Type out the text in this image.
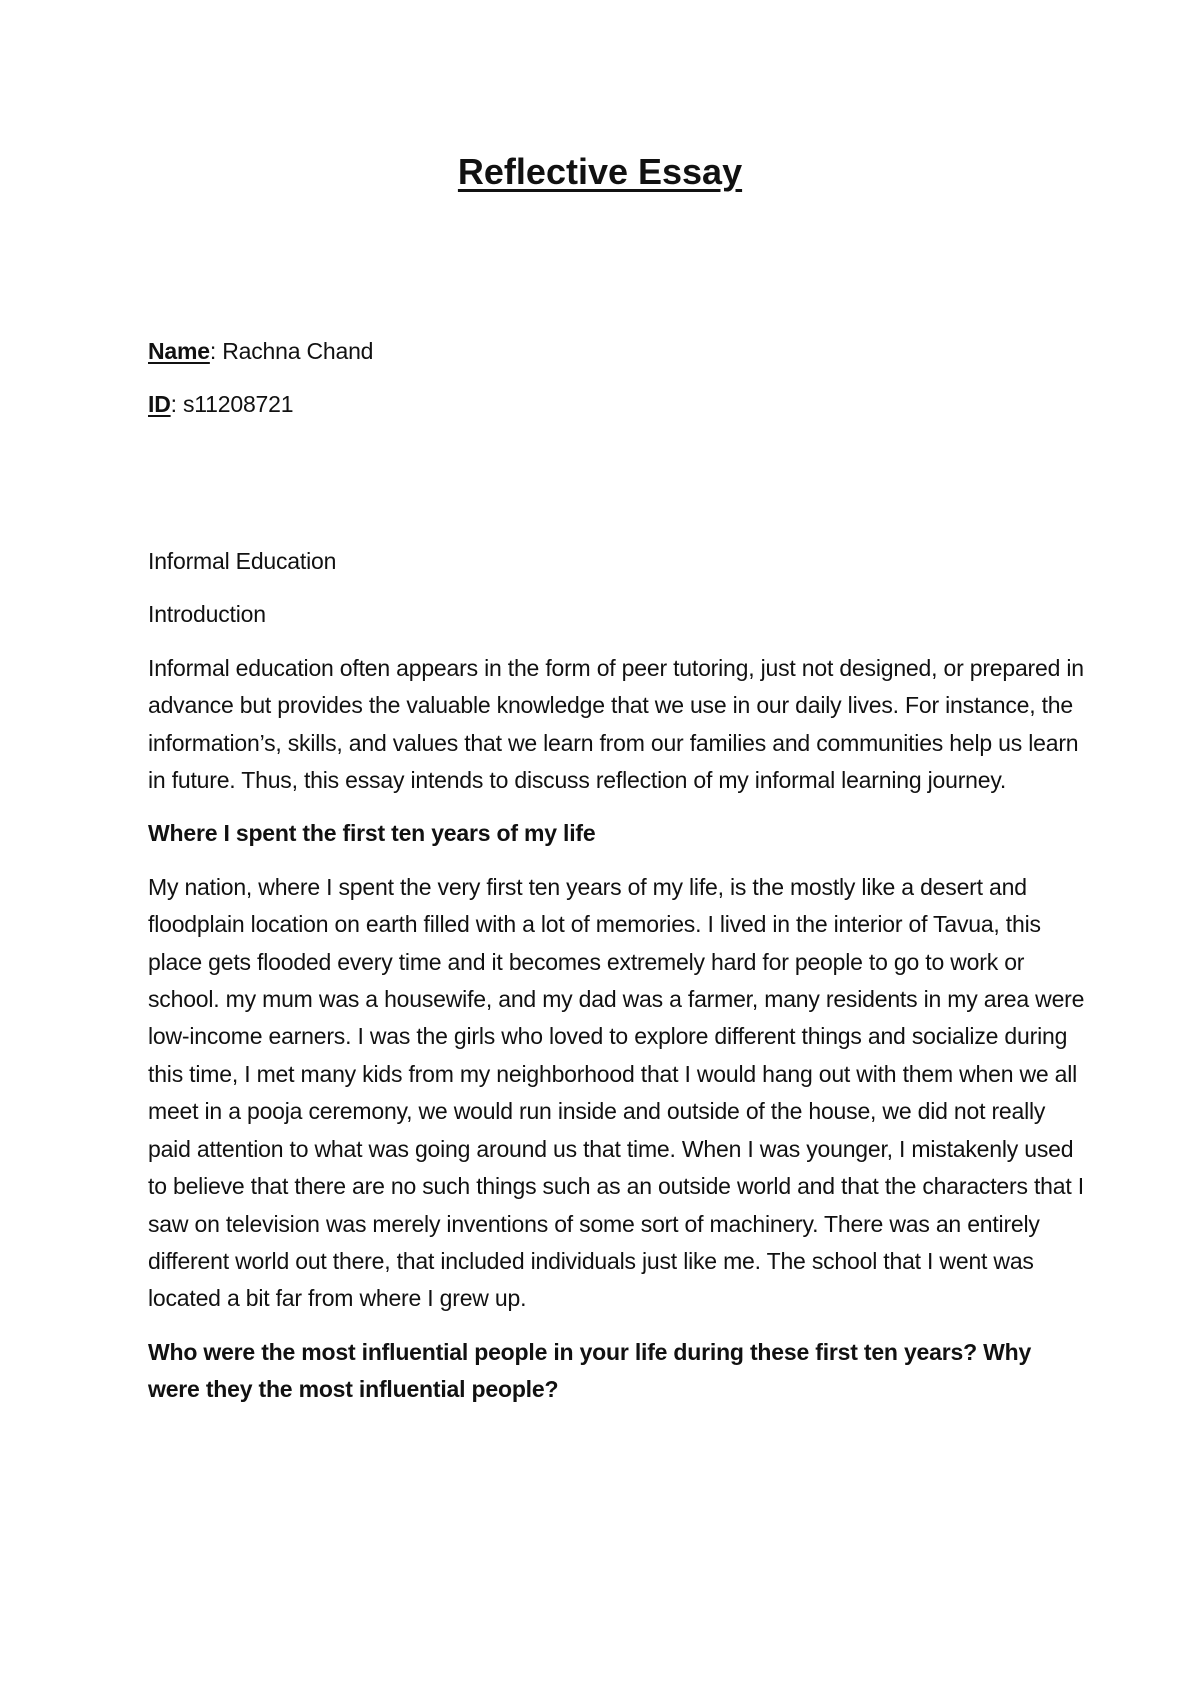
Reflective Essay

Name: Rachna Chand

ID: s11208721

Informal Education

Introduction

Informal education often appears in the form of peer tutoring, just not designed, or prepared in advance but provides the valuable knowledge that we use in our daily lives. For instance, the information’s, skills, and values that we learn from our families and communities help us learn in future. Thus, this essay intends to discuss reflection of my informal learning journey.

Where I spent the first ten years of my life

My nation, where I spent the very first ten years of my life, is the mostly like a desert and floodplain location on earth filled with a lot of memories. I lived in the interior of Tavua, this place gets flooded every time and it becomes extremely hard for people to go to work or school. my mum was a housewife, and my dad was a farmer, many residents in my area were low-income earners. I was the girls who loved to explore different things and socialize during this time, I met many kids from my neighborhood that I would hang out with them when we all meet in a pooja ceremony, we would run inside and outside of the house, we did not really paid attention to what was going around us that time. When I was younger, I mistakenly used to believe that there are no such things such as an outside world and that the characters that I saw on television was merely inventions of some sort of machinery. There was an entirely different world out there, that included individuals just like me. The school that I went was located a bit far from where I grew up.

Who were the most influential people in your life during these first ten years? Why were they the most influential people?
